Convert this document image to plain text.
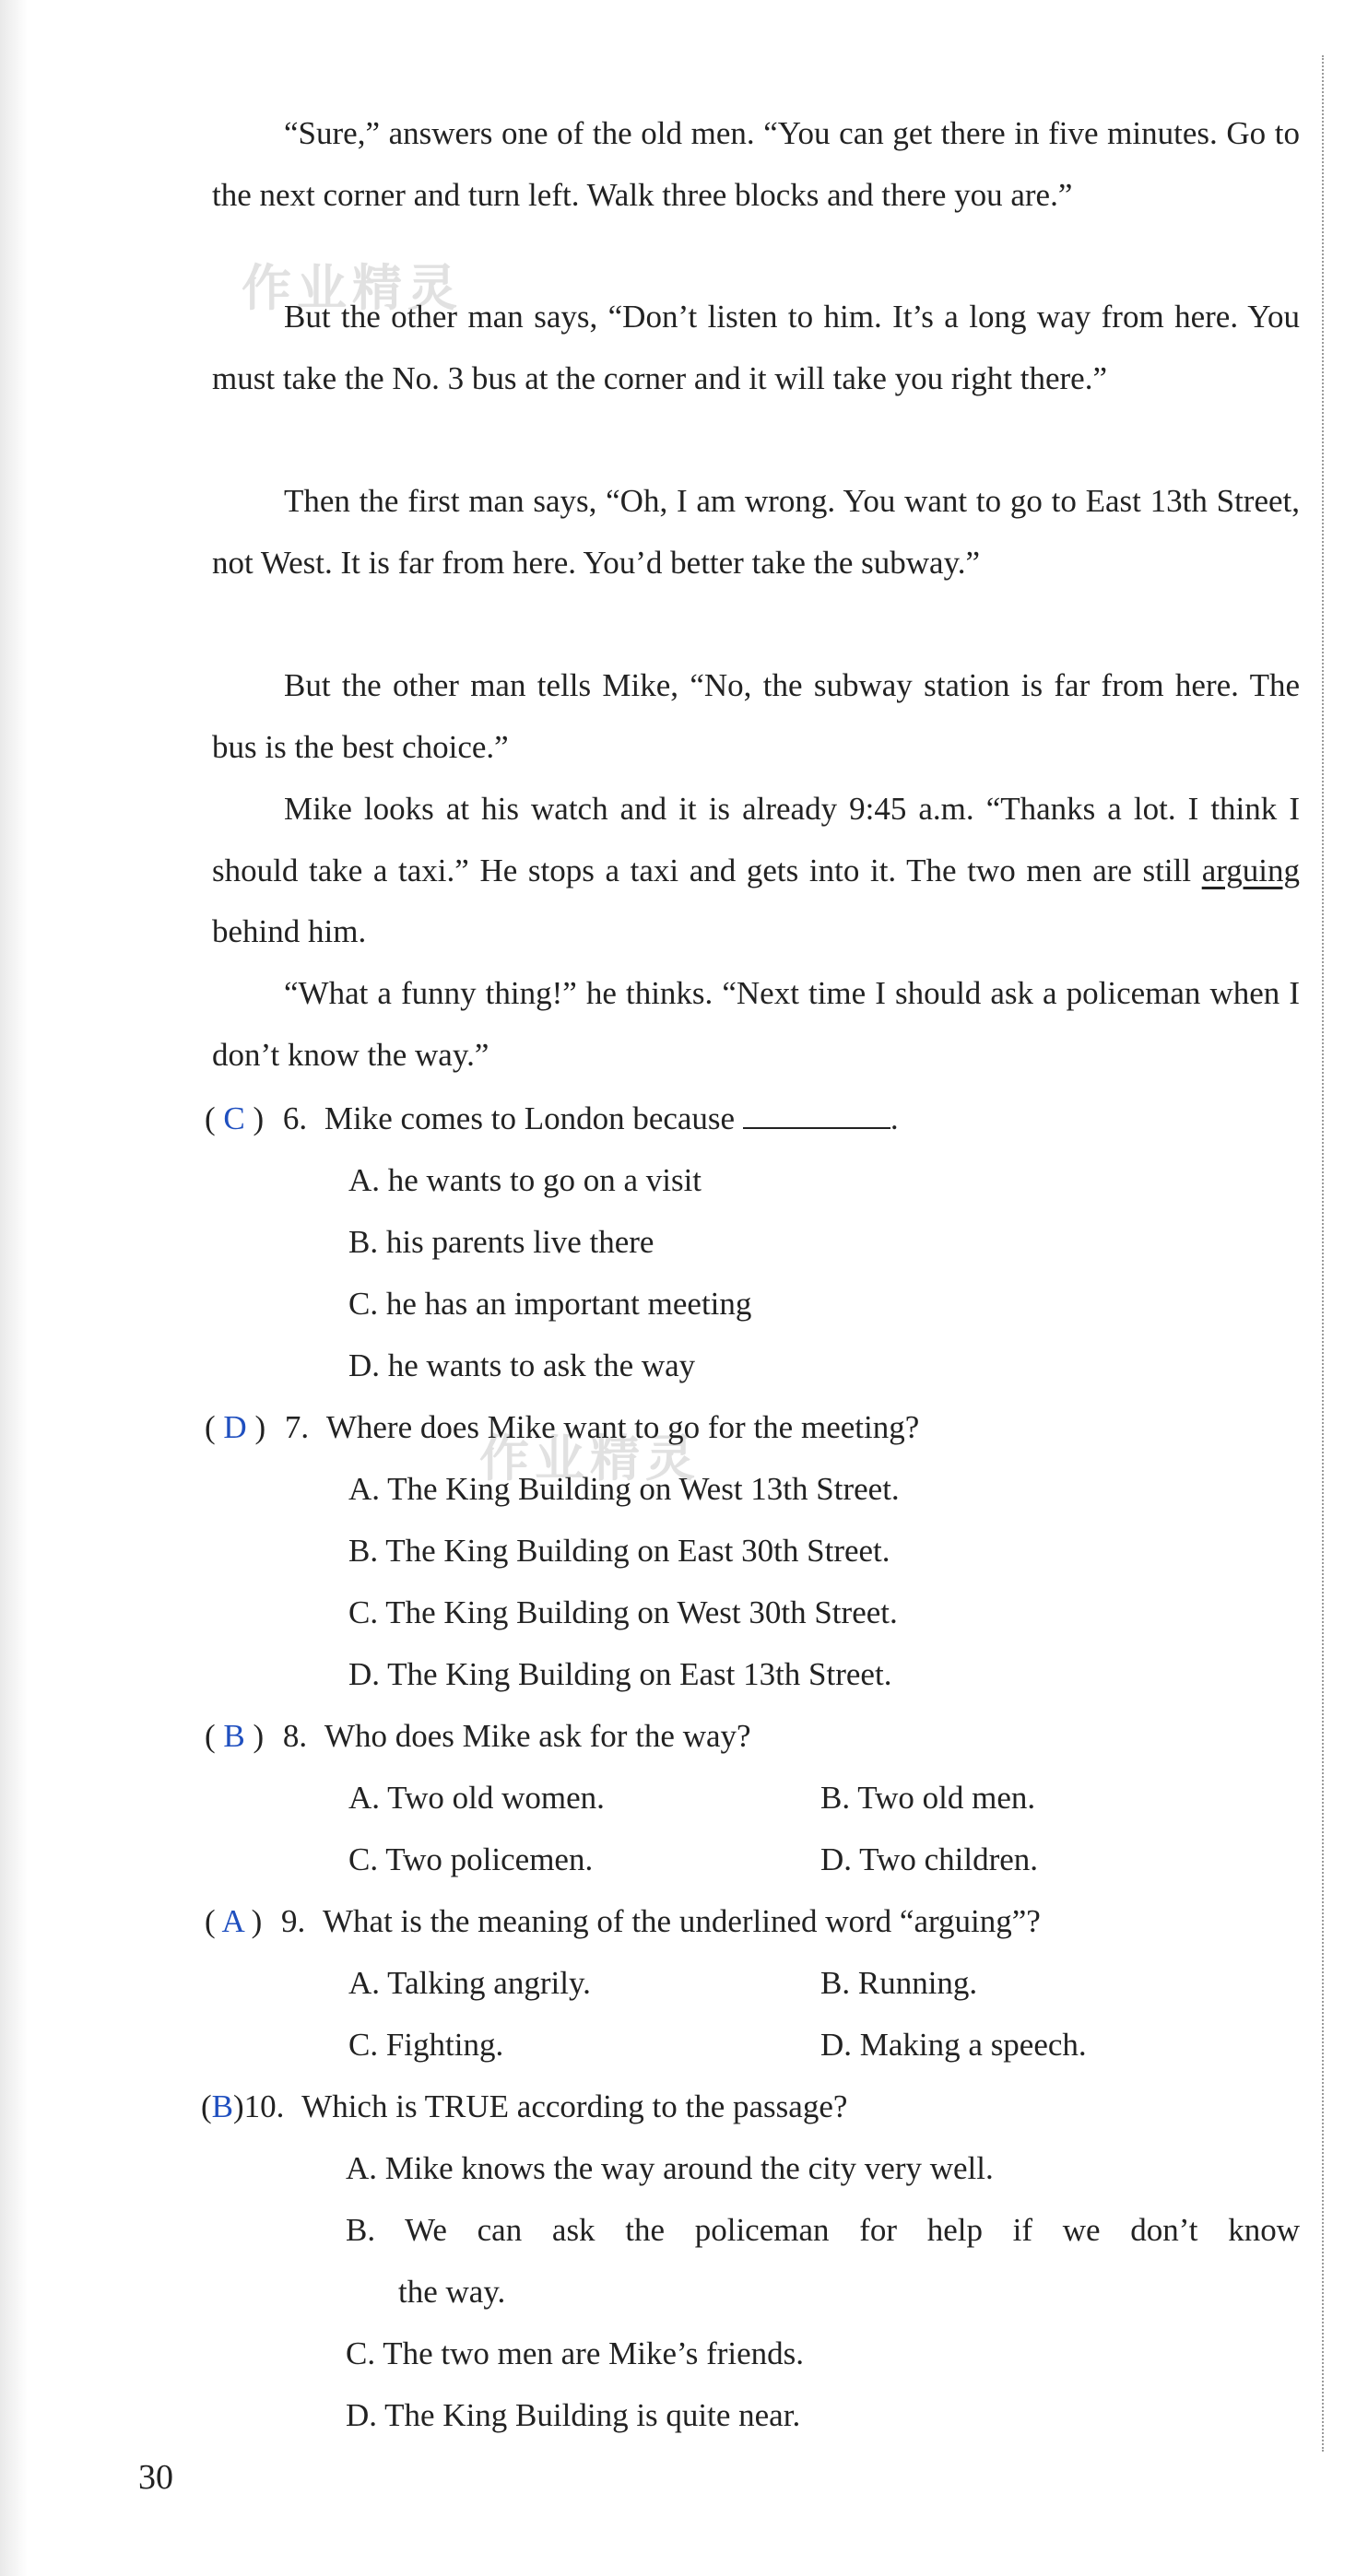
作业精灵
作业精灵

“Sure,” answers one of the old men. “You can get there in five minutes. Go to the next corner and turn left. Walk three blocks and there you are.”

But the other man says, “Don’t listen to him. It’s a long way from here. You must take the No. 3 bus at the corner and it will take you right there.”

Then the first man says, “Oh, I am wrong. You want to go to East 13th Street, not West. It is far from here. You’d better take the subway.”

But the other man tells Mike, “No, the subway station is far from here. The bus is the best choice.”

Mike looks at his watch and it is already 9:45 a.m. “Thanks a lot. I think I should take a taxi.” He stops a taxi and gets into it. The two men are still arguing behind him.

“What a funny thing!” he thinks. “Next time I should ask a policeman when I don’t know the way.”

( C ) 6. Mike comes to London because	.
A. he wants to go on a visit
B. his parents live there
C. he has an important meeting
D. he wants to ask the way
( D ) 7. Where does Mike want to go for the meeting?
A. The King Building on West 13th Street.
B. The King Building on East 30th Street.
C. The King Building on West 30th Street.
D. The King Building on East 13th Street.
( B ) 8. Who does Mike ask for the way?
A. Two old women.	B. Two old men.
C. Two policemen.	D. Two children.
( A ) 9. What is the meaning of the underlined word “arguing”?
A. Talking angrily.	B. Running.
C. Fighting.	D. Making a speech.
(B)10. Which is TRUE according to the passage?
A. Mike knows the way around the city very well.
B. We can ask the policeman for help if we don’t know
the way.
C. The two men are Mike’s friends.
D. The King Building is quite near.
30
